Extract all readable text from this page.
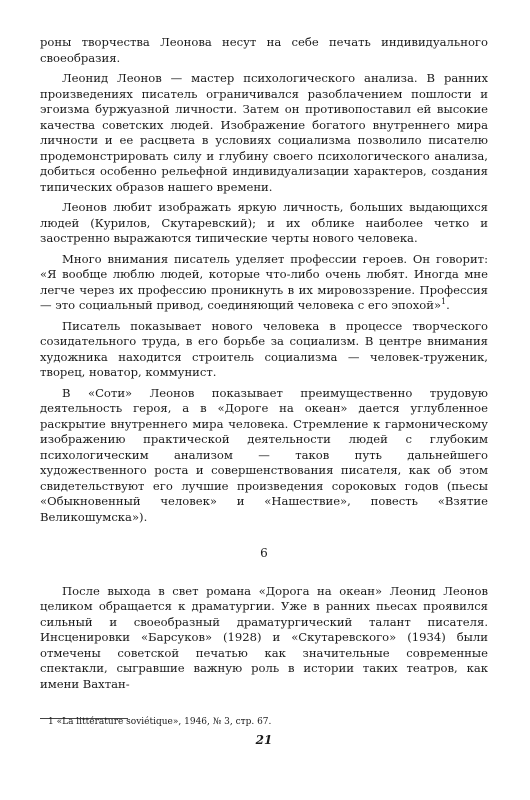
роны творчества Леонова несут на себе печать индивидуального своеобразия.

Леонид Леонов — мастер психологического анализа. В ранних произведениях писатель ограничивался разоблачением пошлости и эгоизма буржуазной личности. Затем он противопоставил ей высокие качества советских людей. Изображение богатого внутреннего мира личности и ее расцвета в условиях социализма позволило писателю продемонстрировать силу и глубину своего психологического анализа, добиться особенно рельефной индивидуализации характеров, создания типических образов нашего времени.

Леонов любит изображать яркую личность, больших выдающихся людей (Курилов, Скутаревский); и их облике наиболее четко и заостренно выражаются типические черты нового человека.

Много внимания писатель уделяет профессии героев. Он говорит: «Я вообще люблю людей, которые что-либо очень любят. Иногда мне легче через их профессию проникнуть в их мировоззрение. Профессия — это социальный привод, соединяющий человека с его эпохой»$^1$.

Писатель показывает нового человека в процессе творческого созидательного труда, в его борьбе за социализм. В центре внимания художника находится строитель социализма — человек-труженик, творец, новатор, коммунист.

В «Соти» Леонов показывает преимущественно трудовую деятельность героя, а в «Дороге на океан» дается углубленное раскрытие внутреннего мира человека. Стремление к гармоническому изображению практической деятельности людей с глубоким психологическим анализом — таков путь дальнейшего художественного роста и совершенствования писателя, как об этом свидетельствуют его лучшие произведения сороковых годов (пьесы «Обыкновенный человек» и «Нашествие», повесть «Взятие Великошумска»).

6

После выхода в свет романа «Дорога на океан» Леонид Леонов целиком обращается к драматургии. Уже в ранних пьесах проявился сильный и своеобразный драматургический талант писателя. Инсценировки «Барсуков» (1928) и «Скутаревского» (1934) были отмечены советской печатью как значительные современные спектакли, сыгравшие важную роль в истории таких театров, как имени Вахтан-

1 «La littérature soviétique», 1946, № 3, стр. 67.
21
